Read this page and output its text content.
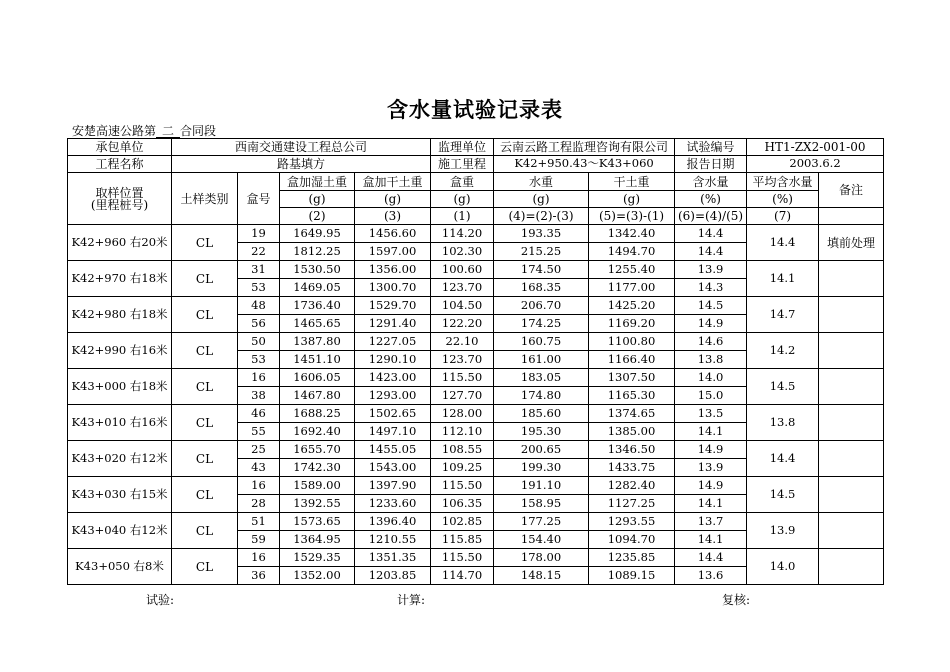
含水量试验记录表
安楚高速公路第 二 合同段
承包单位	西南交通建设工程总公司				监理单位	云南云路工程监理咨询有限公司		试验编号	HT1-ZX2-001-00	
工程名称	路基填方				施工里程	K42+950.43～K43+060		报告日期	2003.6.2	
取样位置
(里程桩号)	土样类别	盒号	盒加湿土重	盒加干土重	盒重	水重	干土重	含水量	平均含水量	备注
			(g)	(g)	(g)	(g)	(g)	(%)	(%)	
			(2)	(3)	(1)	(4)=(2)-(3)	(5)=(3)-(1)	(6)=(4)/(5)	(7)	
K42+960 右20米	CL	19	1649.95	1456.60	114.20	193.35	1342.40	14.4	14.4	填前处理
		22	1812.25	1597.00	102.30	215.25	1494.70	14.4		
K42+970 右18米	CL	31	1530.50	1356.00	100.60	174.50	1255.40	13.9	14.1	
		53	1469.05	1300.70	123.70	168.35	1177.00	14.3		
K42+980 右18米	CL	48	1736.40	1529.70	104.50	206.70	1425.20	14.5	14.7	
		56	1465.65	1291.40	122.20	174.25	1169.20	14.9		
K42+990 右16米	CL	50	1387.80	1227.05	22.10	160.75	1100.80	14.6	14.2	
		53	1451.10	1290.10	123.70	161.00	1166.40	13.8		
K43+000 右18米	CL	16	1606.05	1423.00	115.50	183.05	1307.50	14.0	14.5	
		38	1467.80	1293.00	127.70	174.80	1165.30	15.0		
K43+010 右16米	CL	46	1688.25	1502.65	128.00	185.60	1374.65	13.5	13.8	
		55	1692.40	1497.10	112.10	195.30	1385.00	14.1		
K43+020 右12米	CL	25	1655.70	1455.05	108.55	200.65	1346.50	14.9	14.4	
		43	1742.30	1543.00	109.25	199.30	1433.75	13.9		
K43+030 右15米	CL	16	1589.00	1397.90	115.50	191.10	1282.40	14.9	14.5	
		28	1392.55	1233.60	106.35	158.95	1127.25	14.1		
K43+040 右12米	CL	51	1573.65	1396.40	102.85	177.25	1293.55	13.7	13.9	
		59	1364.95	1210.55	115.85	154.40	1094.70	14.1		
K43+050 右8米	CL	16	1529.35	1351.35	115.50	178.00	1235.85	14.4	14.0	
		36	1352.00	1203.85	114.70	148.15	1089.15	13.6		
试验:	计算:	复核:
